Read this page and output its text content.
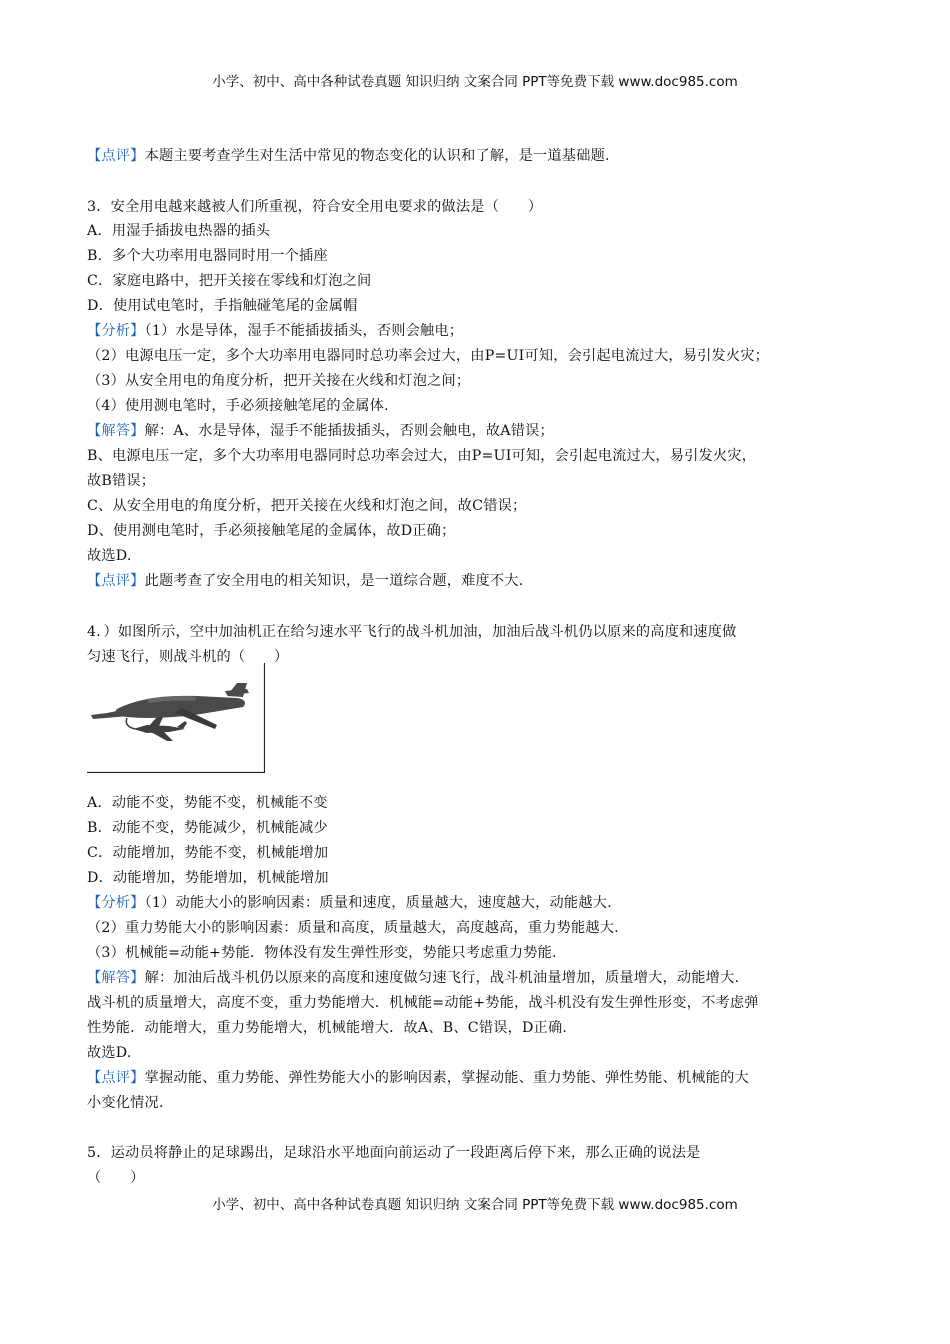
小学、初中、高中各种试卷真题 知识归纳 文案合同 PPT等免费下载 www.doc985.com
【点评】本题主要考查学生对生活中常见的物态变化的认识和了解，是一道基础题.
3．安全用电越来越被人们所重视，符合安全用电要求的做法是（　　）
A．用湿手插拔电热器的插头
B．多个大功率用电器同时用一个插座
C．家庭电路中，把开关接在零线和灯泡之间
D．使用试电笔时，手指触碰笔尾的金属帽
【分析】（1）水是导体，湿手不能插拔插头，否则会触电；
（2）电源电压一定，多个大功率用电器同时总功率会过大，由P=UI可知，会引起电流过大，易引发火灾；
（3）从安全用电的角度分析，把开关接在火线和灯泡之间；
（4）使用测电笔时，手必须接触笔尾的金属体.
【解答】解：A、水是导体，湿手不能插拔插头，否则会触电，故A错误；
B、电源电压一定，多个大功率用电器同时总功率会过大，由P=UI可知，会引起电流过大，易引发火灾，
故B错误；
C、从安全用电的角度分析，把开关接在火线和灯泡之间，故C错误；
D、使用测电笔时，手必须接触笔尾的金属体，故D正确；
故选D.
【点评】此题考查了安全用电的相关知识，是一道综合题，难度不大.
4．）如图所示，空中加油机正在给匀速水平飞行的战斗机加油，加油后战斗机仍以原来的高度和速度做
匀速飞行，则战斗机的（　　）
A．动能不变，势能不变，机械能不变
B．动能不变，势能减少，机械能减少
C．动能增加，势能不变，机械能增加
D．动能增加，势能增加，机械能增加
【分析】（1）动能大小的影响因素：质量和速度，质量越大，速度越大，动能越大.
（2）重力势能大小的影响因素：质量和高度，质量越大，高度越高，重力势能越大.
（3）机械能=动能+势能．物体没有发生弹性形变，势能只考虑重力势能.
【解答】解：加油后战斗机仍以原来的高度和速度做匀速飞行，战斗机油量增加，质量增大，动能增大.
战斗机的质量增大，高度不变，重力势能增大．机械能=动能+势能，战斗机没有发生弹性形变，不考虑弹
性势能．动能增大，重力势能增大，机械能增大．故A、B、C错误，D正确.
故选D.
【点评】掌握动能、重力势能、弹性势能大小的影响因素，掌握动能、重力势能、弹性势能、机械能的大
小变化情况.
5．运动员将静止的足球踢出，足球沿水平地面向前运动了一段距离后停下来，那么正确的说法是
（　　）
小学、初中、高中各种试卷真题 知识归纳 文案合同 PPT等免费下载 www.doc985.com
